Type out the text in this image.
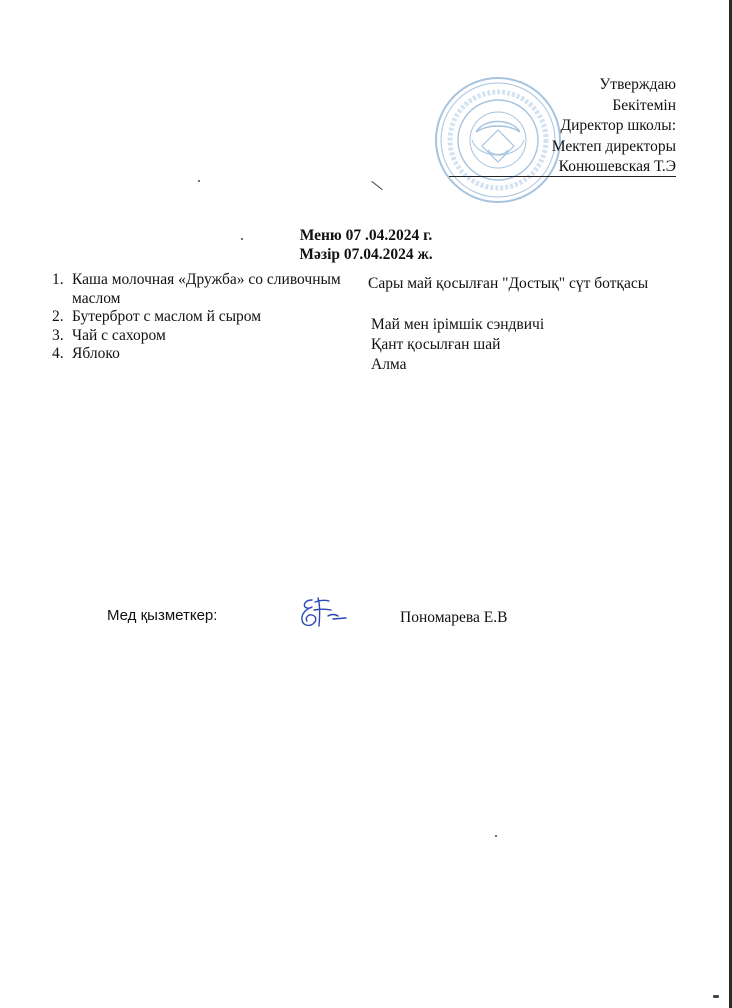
Утверждаю
Бекітемін
Директор школы:
Мектеп директоры
Конюшевская Т.Э
Меню 07 .04.2024 г.
Мәзір 07.04.2024 ж.
1. Каша молочная «Дружба» со сливочным маслом
2. Бутерброт с маслом й сыром
3. Чай с сахором
4. Яблоко
Сары май қосылған "Достық" сүт ботқасы
Май мен ірімшік сэндвичі
Қант қосылған шай
Алма
Мед қызметкер:	Пономарева Е.В
